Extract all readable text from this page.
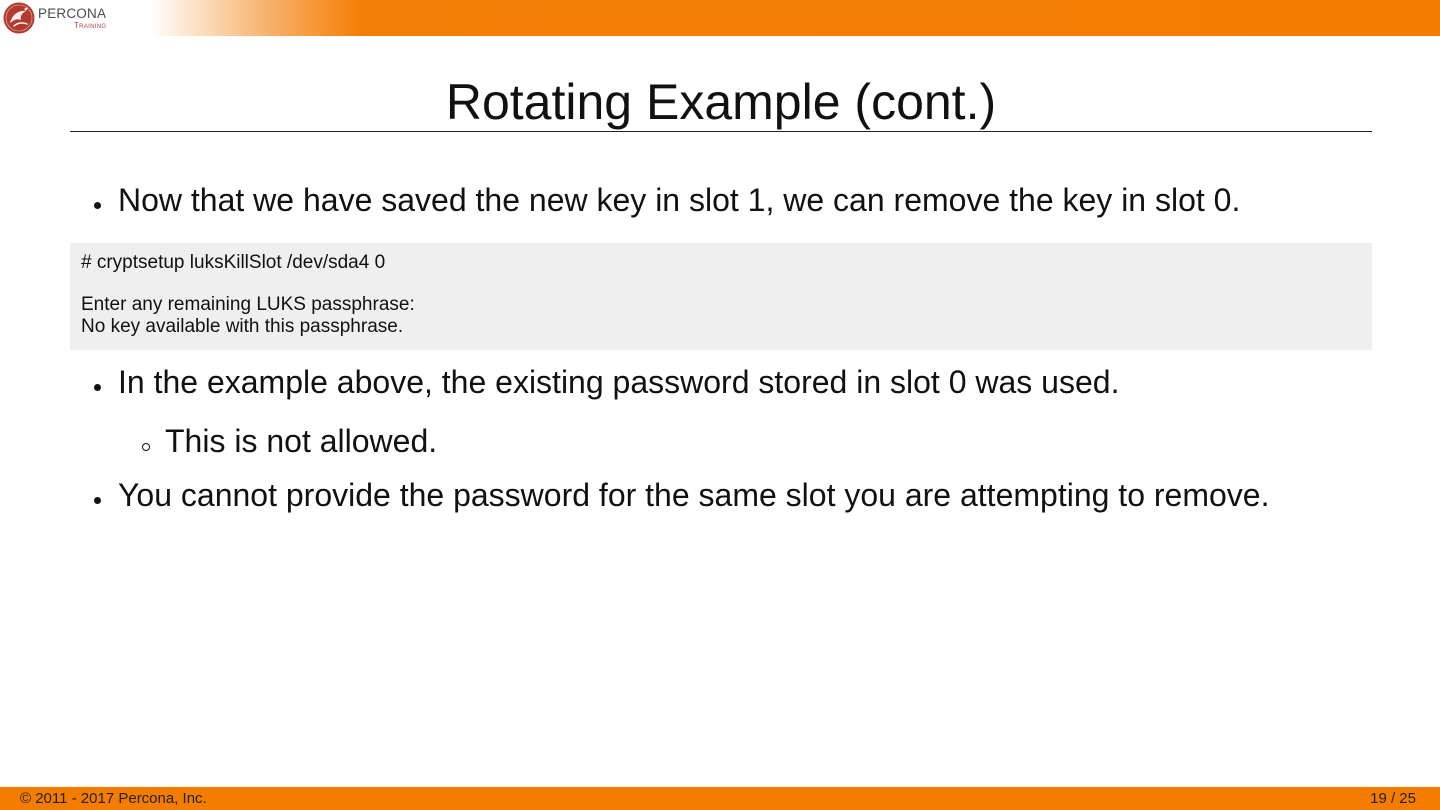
PERCONA
Training
Rotating Example (cont.)
Now that we have saved the new key in slot 1, we can remove the key in slot 0.
# cryptsetup luksKillSlot /dev/sda4 0
Enter any remaining LUKS passphrase:
No key available with this passphrase.
In the example above, the existing password stored in slot 0 was used.
This is not allowed.
You cannot provide the password for the same slot you are attempting to remove.
© 2011 - 2017 Percona, Inc.	19 / 25
